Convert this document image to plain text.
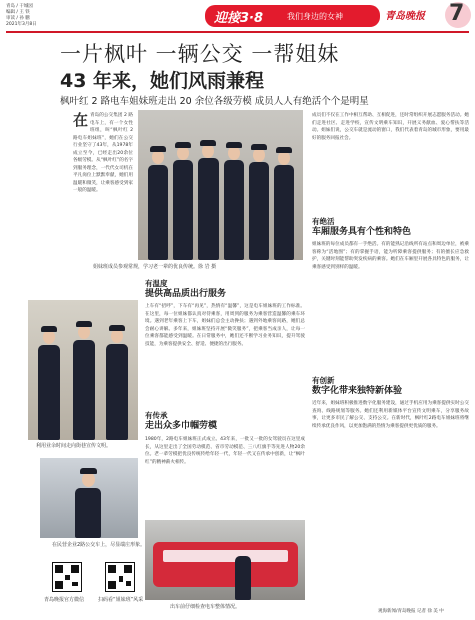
青岛 / 干城园
编辑 / 王 铁
审读 / 孙 鹏
2021年3月8日	迎接3·8	我们身边的女神	青岛晚报 7
一片枫叶 一辆公交 一帮姐妹
43 年来，她们风雨兼程
枫叶红 2 路电车姐妹班走出 20 余位各级劳模 成员人人有绝活个个是明星
在 青岛的公交集团 2 路电车上，有一个女性班组，叫“枫叶红 2 路电车姐妹班”，她们在公交行业坚守了43年，从1978年成立至今，已经走出20余位各级劳模。从“枫叶红”的名字到服务理念，一代代女司机在平凡岗位上默默奉献，她们用温暖和微笑，让乘客感受到家一般的温暖。
姐妹班成员参观常规，学习老一辈的优良传统。徐 岩 摄
成员们不仅在工作中相互帮助、互相促进，还时常组织开展志愿服务活动。她们走进社区、走进学校，宣传文明乘车知识，开展义务献血、爱心帮扶等活动。姐妹们说，公交车就是流动的窗口，我们代表着青岛的城市形象，要用最好的服务回报社会。
有绝活
车厢服务具有个性和特色
姐妹班的每位成员都有一手绝活。有的能熟记沿线所有站点和周边单位，被乘客称为“活地图”；有的掌握手语，能为听障乘客提供服务；有的擅长应急救护，关键时刻能帮助突发疾病的乘客。她们在车厢里开展各具特色的服务，让乘客感受到别样的温暖。
利用业余时间走向街巷宣传文明。
有温度
提供高品质出行服务
上车有“招呼”，下车有“再见”，热情有“温馨”，这是电车姐妹班的工作标准。在这里，每一位姐妹都认真对待乘客，用周到的服务为乘客营造温馨的乘车环境。遇到老年乘客上下车，姐妹们总会主动搀扶；遇到外地乘客问路，她们总会耐心讲解。多年来，姐妹班坚持开展“微笑服务”，把乘客当成亲人，让每一位乘客都能感受到温暖。在日常服务中，她们还不断学习业务知识，提升驾驶技能，为乘客提供安全、舒适、便捷的出行服务。
有传承
走出众多巾帼劳模
1980年，2路电车姐妹班正式成立。43年来，一批又一批的女驾驶员在这里成长，从这里走出了全国劳动模范、省市劳动模范、三八红旗手等先进人物20余位。老一辈劳模把优良传统传给年轻一代，年轻一代又在传承中创新，让“枫叶红”的精神薪火相传。
有创新
数字化带来独特新体验
近年来，姐妹班积极推进数字化服务建设，通过手机应用为乘客提供实时公交查询、线路规划等服务。她们还利用新媒体平台宣传文明乘车，分享服务故事，让更多市民了解公交、支持公交。在新时代，枫叶红2路电车姐妹班将继续传承优良作风，以更加饱满的热情为乘客提供更优质的服务。
在民营企业2路公交车上，尽显端庄形象。
出车前仔细检查电车整体情况。
青岛晚报官方微信	扫码看“姐妹班”风采
观海新闻/青岛晚报 记者 徐 美 中
